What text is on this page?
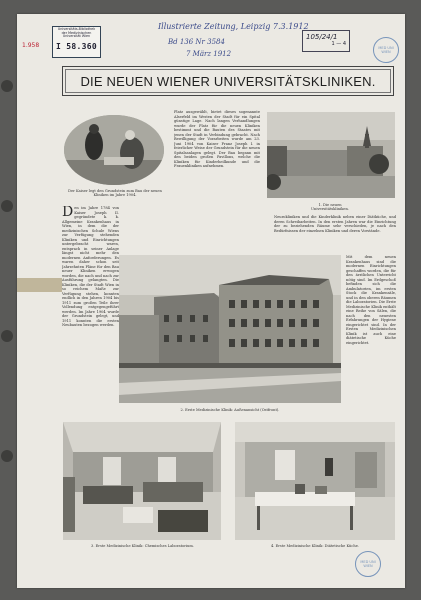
1.958
Universitäts-Bibliothek der Medizinischen Universität Wien
I 58.360
Illustrierte Zeitung, Leipzig 7.3.1912
Bd 136 Nr 3584
7 März 1912
105/24/1
1 — 4
MED UNI WIEN
MED UNI WIEN
DIE NEUEN WIENER UNIVERSITÄTSKLINIKEN.
Der Kaiser legt den Grundstein zum Bau der neuen Kliniken im Jahre 1904.
1. Die neuen Universitätskliniken.
Den im Jahre 1784 von Kaiser Joseph II. gegründete k. k. Allgemeine Krankenhaus in Wien, in dem die der medizinischen Schule Wiens zur Verfügung stehenden Kliniken und Einrichtungen untergebracht waren, entsprach in seiner Anlage längst nicht mehr den modernen Anforderungen. Es waren daher schon seit Jahrzehnten Pläne für den Bau neuer Kliniken erwogen worden, die nach und nach zur Ausführung gelangten. Die Kliniken, die der Stadt Wien in so reichem Maße zur Verfügung stehen, konnten endlich in den Jahren 1904 bis 1911 zum großen Teile ihrer Vollendung entgegengeführt werden. Im Jahre 1904 wurde der Grundstein gelegt, und 1911 konnten die ersten Neubauten bezogen werden.
Platz ausgewählt, bietet dieses sogenannte Alserfeld im Westen der Stadt für ein Spital günstige Lage. Nach langen Verhandlungen wurde der Platz für die neuen Kliniken bestimmt und die Bauten des Staates mit jenen der Stadt in Verbindung gebracht. Nach Bewilligung der Vorarbeiten wurde am 23. Juni 1904 von Kaiser Franz Joseph I. in feierlicher Weise der Grundstein für die neuen Spitalsanlagen gelegt. Der Bau begann mit den beiden großen Pavillons, welche die Kliniken für Kinderheilkunde und die Frauenkliniken aufnehmen.
Neurokliniken und die Kinderklinik neben einer Diätküche, und deren Schreibarbeiten. In den ersten Jahren war die Einrichtung der zu beziehenden Räume sehr verschieden, je nach den Bedürfnissen der einzelnen Kliniken und deren Vorstände.
Mit dem neuen Krankenhaus sind die modernen Einrichtungen geschaffen worden, die für den ärztlichen Unterricht nötig sind. Im Erdgeschoß befinden sich die Ambulatorien, im ersten Stock die Krankensäle, und in den oberen Räumen die Laboratorien. Die Erste Medizinische Klinik enthält eine Reihe von Sälen, die nach den neuesten Erfahrungen der Hygiene eingerichtet sind. In der Ersten Medizinischen Klinik ist auch eine diätetische Küche eingerichtet.
2. Erste Medizinische Klinik: Außenansicht (Ostfront).
3. Erste Medizinische Klinik: Chemisches Laboratorium.	4. Erste Medizinische Klinik: Diätetische Küche.
